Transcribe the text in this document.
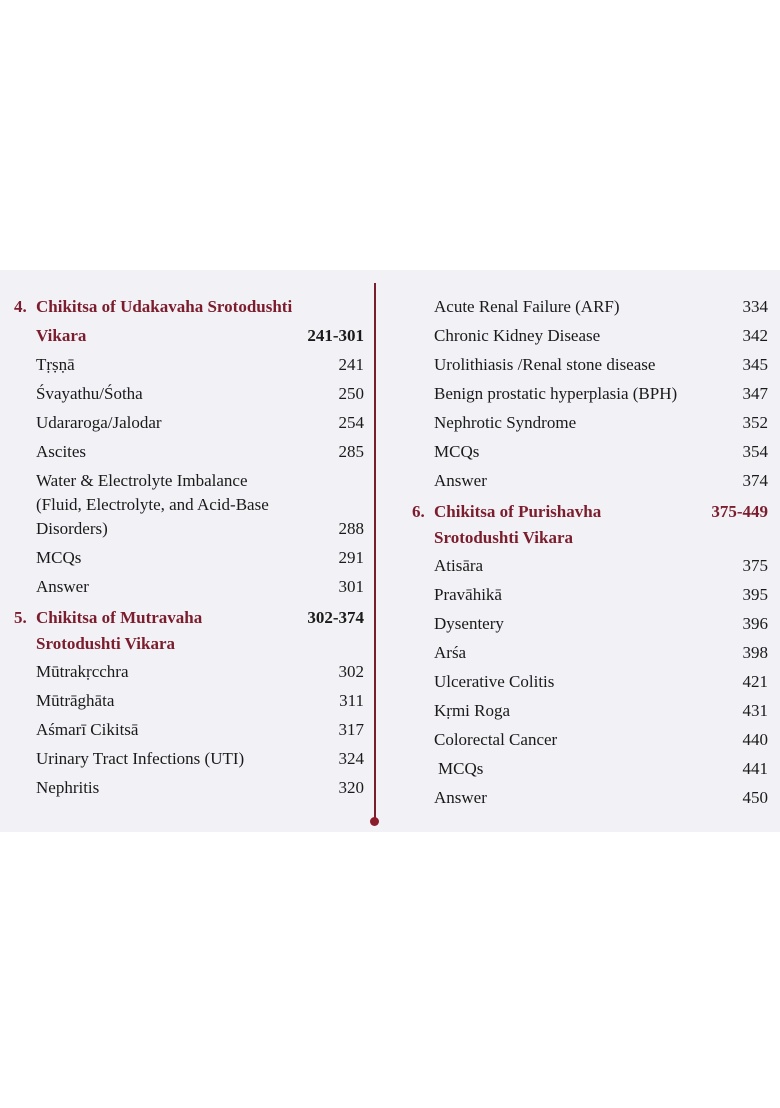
4. Chikitsa of Udakavaha Srotodushti
Vikara	241-301
Tṛṣṇā	241
Śvayathu/Śotha	250
Udararoga/Jalodar	254
Ascites	285
Water & Electrolyte Imbalance
(Fluid, Electrolyte, and Acid-Base
Disorders)	288
MCQs	291
Answer	301
5. Chikitsa of Mutravaha	302-374
Srotodushti Vikara
Mūtrakṛcchra	302
Mūtrāghāta	311
Aśmarī Cikitsā	317
Urinary Tract Infections (UTI)	324
Nephritis	320
Acute Renal Failure (ARF)	334
Chronic Kidney Disease	342
Urolithiasis /Renal stone disease	345
Benign prostatic hyperplasia (BPH)	347
Nephrotic Syndrome	352
MCQs	354
Answer	374
6. Chikitsa of Purishavha	375-449
Srotodushti Vikara
Atisāra	375
Pravāhikā	395
Dysentery	396
Arśa	398
Ulcerative Colitis	421
Kṛmi Roga	431
Colorectal Cancer	440
MCQs	441
Answer	450
